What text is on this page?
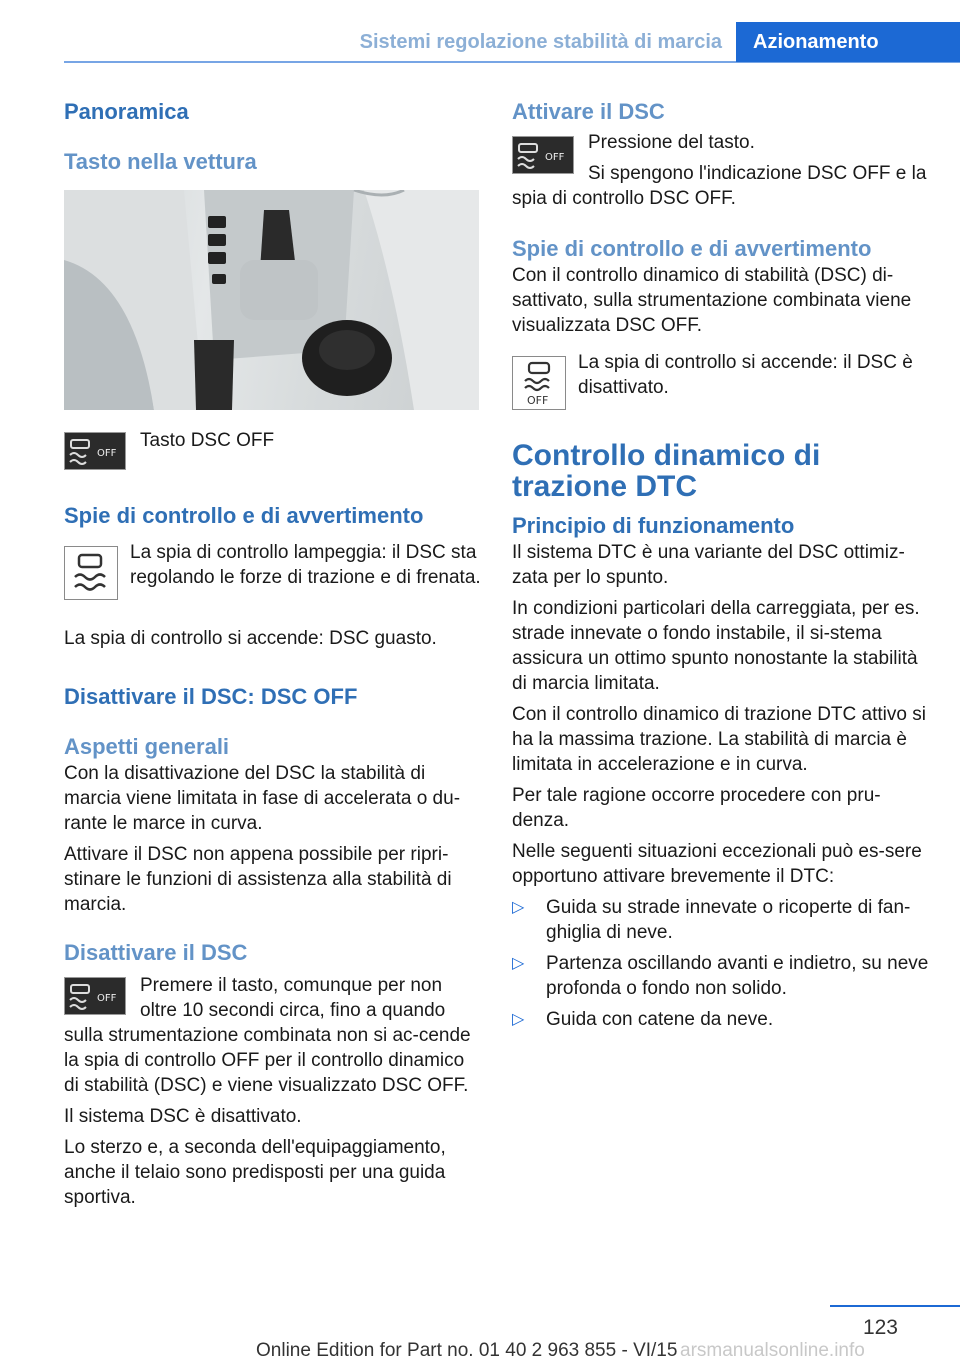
Sistemi regolazione stabilità di marcia	Azionamento
Panoramica
Tasto nella vettura
OFF

Tasto DSC OFF

Spie di controllo e di avvertimento

La spia di controllo lampeggia: il DSC sta regolando le forze di trazione e di frenata.

La spia di controllo si accende: DSC guasto.

Disattivare il DSC: DSC OFF
Aspetti generali

Con la disattivazione del DSC la stabilità di marcia viene limitata in fase di accelerata o du-rante le marce in curva.

Attivare il DSC non appena possibile per ripri-stinare le funzioni di assistenza alla stabilità di marcia.

Disattivare il DSC
OFF

Premere il tasto, comunque per non oltre 10 secondi circa, fino a quando sulla strumentazione combinata non si ac-cende la spia di controllo OFF per il controllo dinamico di stabilità (DSC) e viene visualizzato DSC OFF.

Il sistema DSC è disattivato.

Lo sterzo e, a seconda dell'equipaggiamento, anche il telaio sono predisposti per una guida sportiva.

Attivare il DSC
OFF

Pressione del tasto.

Si spengono l'indicazione DSC OFF e la spia di controllo DSC OFF.

Spie di controllo e di avvertimento

Con il controllo dinamico di stabilità (DSC) di-sattivato, sulla strumentazione combinata viene visualizzata DSC OFF.

OFF

La spia di controllo si accende: il DSC è disattivato.

Controllo dinamico di trazione DTC
Principio di funzionamento

Il sistema DTC è una variante del DSC ottimiz-zata per lo spunto.

In condizioni particolari della carreggiata, per es. strade innevate o fondo instabile, il si-stema assicura un ottimo spunto nonostante la stabilità di marcia limitata.

Con il controllo dinamico di trazione DTC attivo si ha la massima trazione. La stabilità di marcia è limitata in accelerazione e in curva.

Per tale ragione occorre procedere con pru-denza.

Nelle seguenti situazioni eccezionali può es-sere opportuno attivare brevemente il DTC:

▷ Guida su strade innevate o ricoperte di fan-ghiglia di neve.
▷ Partenza oscillando avanti e indietro, su neve profonda o fondo non solido.
▷ Guida con catene da neve.
123
Online Edition for Part no. 01 40 2 963 855 - VI/15 arsmanualsonline.info
